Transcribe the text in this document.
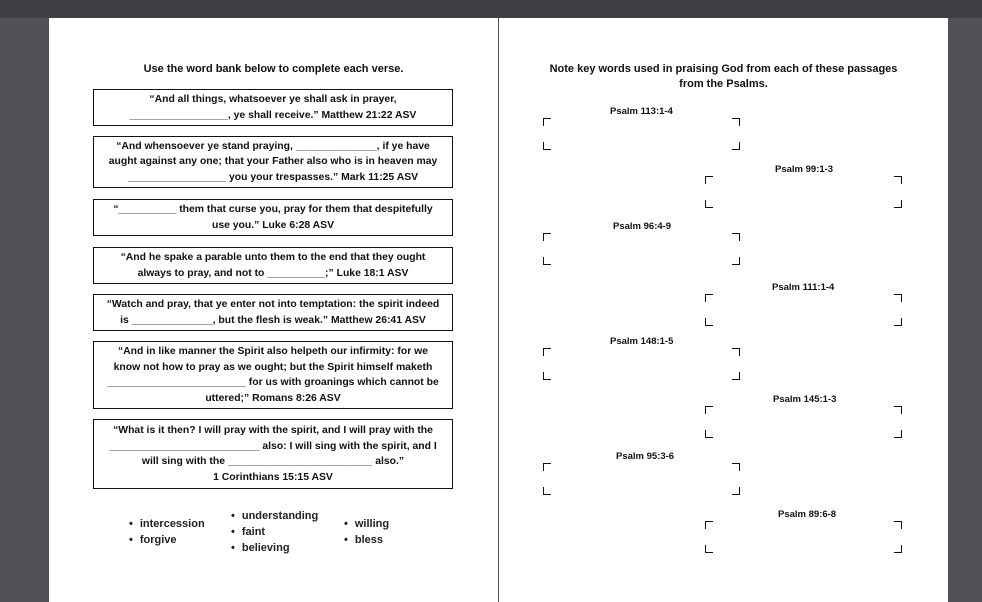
Use the word bank below to complete each verse.
“And all things, whatsoever ye shall ask in prayer,
_________________, ye shall receive.” Matthew 21:22 ASV
“And whensoever ye stand praying, ______________, if ye have
aught against any one; that your Father also who is in heaven may
_________________ you your trespasses.” Mark 11:25 ASV
“__________ them that curse you, pray for them that despitefully
use you.” Luke 6:28 ASV
“And he spake a parable unto them to the end that they ought
always to pray, and not to __________;” Luke 18:1 ASV
“Watch and pray, that ye enter not into temptation: the spirit indeed
is ______________, but the flesh is weak.” Matthew 26:41 ASV
“And in like manner the Spirit also helpeth our infirmity: for we
know not how to pray as we ought; but the Spirit himself maketh
________________________ for us with groanings which cannot be
uttered;” Romans 8:26 ASV
“What is it then? I will pray with the spirit, and I will pray with the
__________________________ also: I will sing with the spirit, and I
will sing with the _________________________ also.”
1 Corinthians 15:15 ASV
• intercession
• forgive
• understanding
• faint
• believing
• willing
• bless
Note key words used in praising God from each of these passages
from the Psalms.
Psalm 113:1-4
Psalm 99:1-3
Psalm 96:4-9
Psalm 111:1-4
Psalm 148:1-5
Psalm 145:1-3
Psalm 95:3-6
Psalm 89:6-8
